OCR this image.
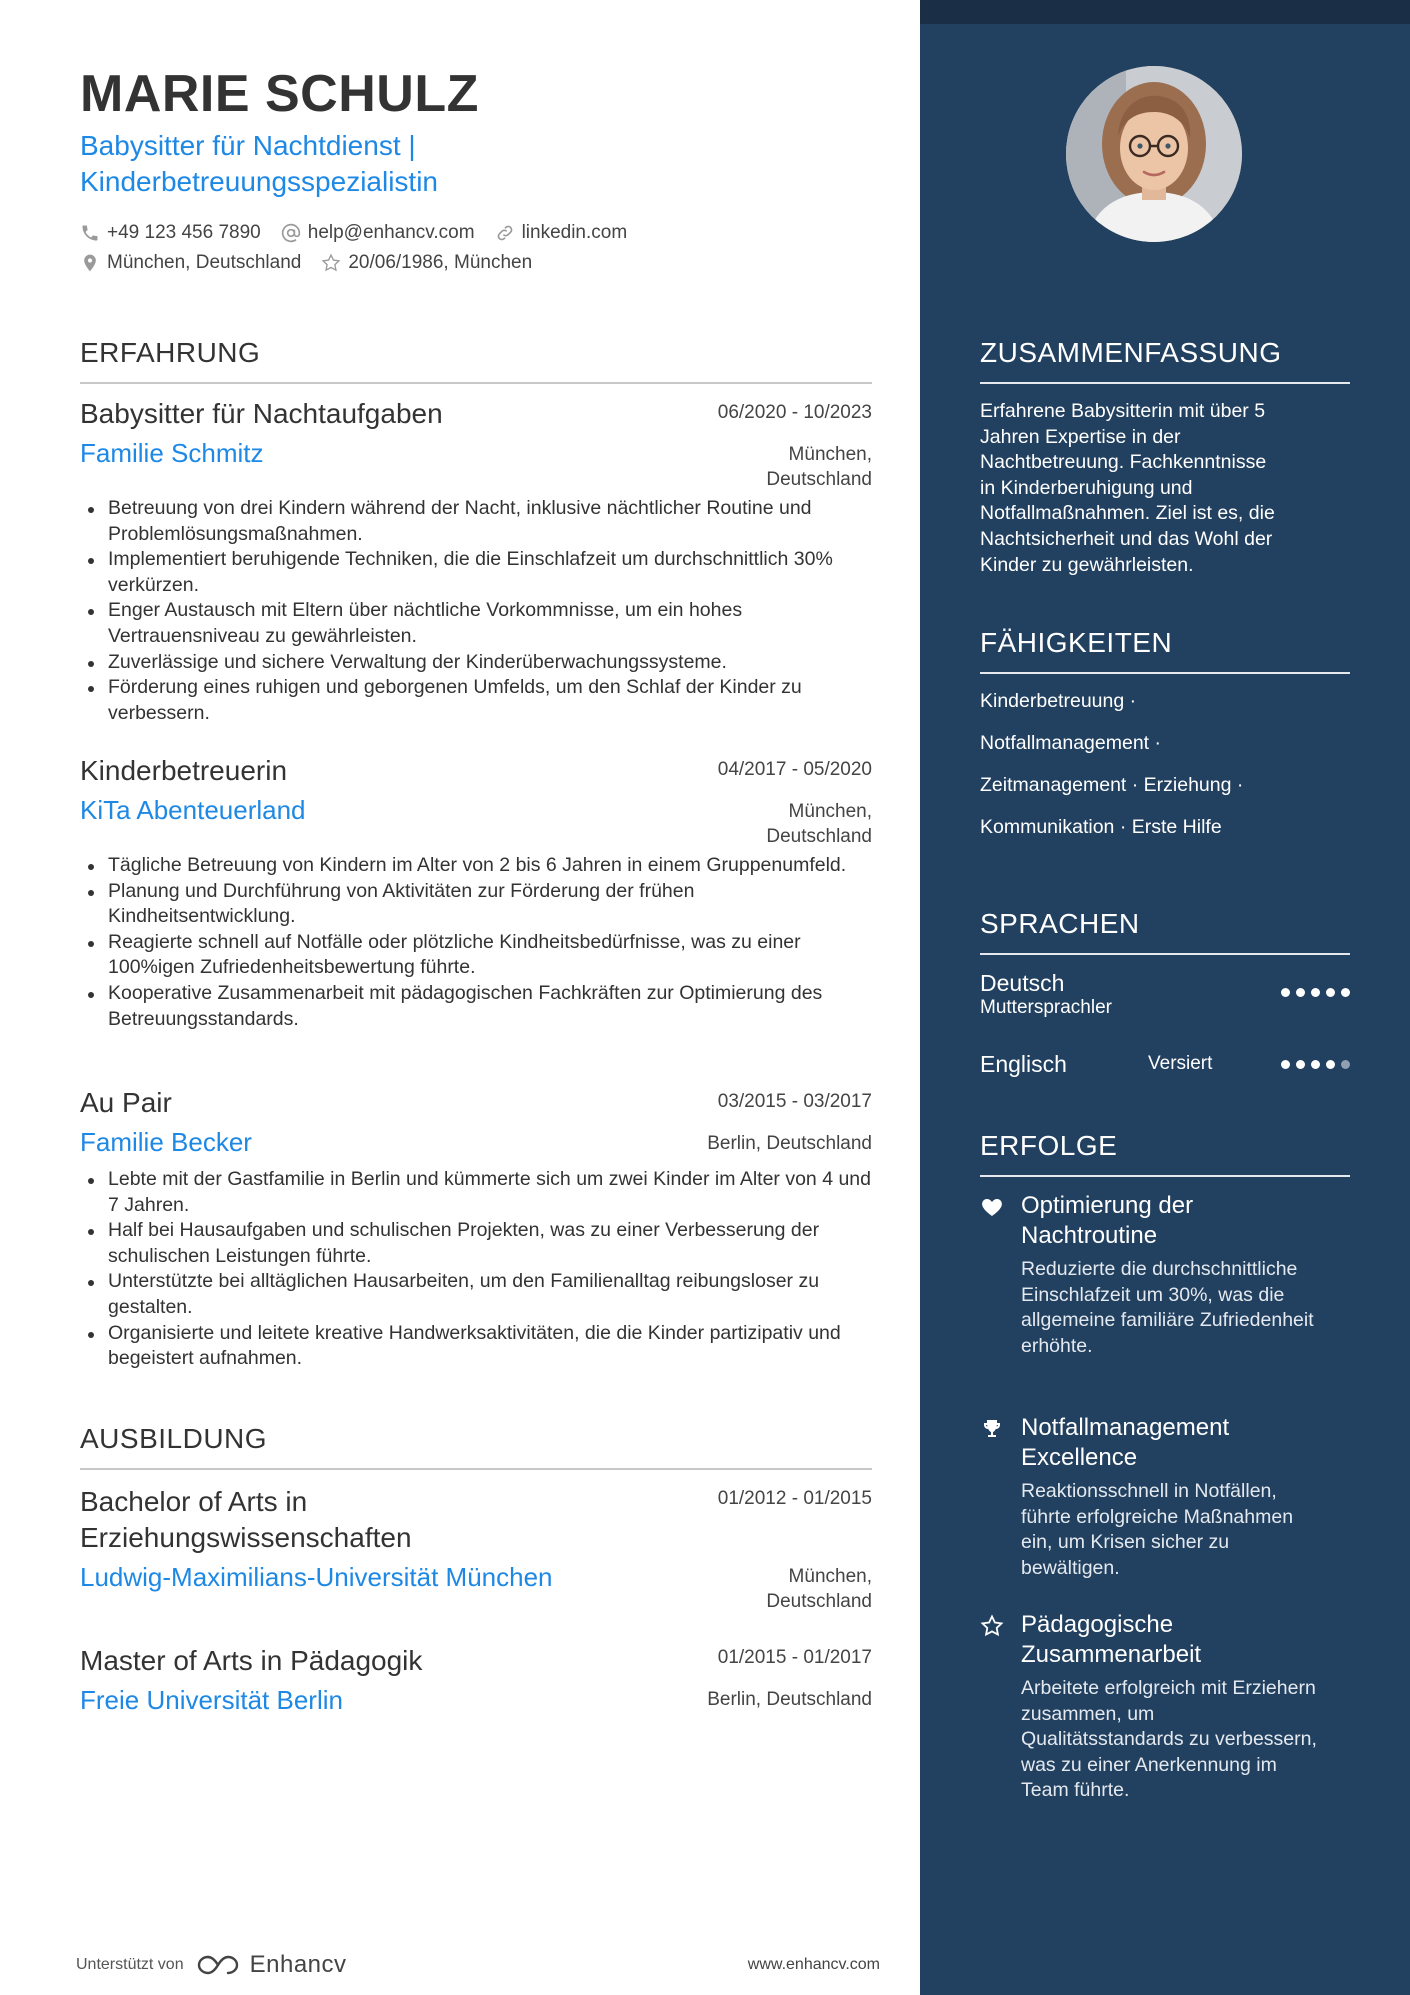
MARIE SCHULZ
Babysitter für Nachtdienst |
Kinderbetreuungsspezialistin
+49 123 456 7890 help@enhancv.com linkedin.com
München, Deutschland 20/06/1986, München
ERFAHRUNG
Babysitter für Nachtaufgaben	06/2020 - 10/2023
Familie Schmitz	München,
Deutschland
Betreuung von drei Kindern während der Nacht, inklusive nächtlicher Routine und Problemlösungsmaßnahmen.
Implementiert beruhigende Techniken, die die Einschlafzeit um durchschnittlich 30% verkürzen.
Enger Austausch mit Eltern über nächtliche Vorkommnisse, um ein hohes Vertrauensniveau zu gewährleisten.
Zuverlässige und sichere Verwaltung der Kinderüberwachungssysteme.
Förderung eines ruhigen und geborgenen Umfelds, um den Schlaf der Kinder zu verbessern.
Kinderbetreuerin	04/2017 - 05/2020
KiTa Abenteuerland	München,
Deutschland
Tägliche Betreuung von Kindern im Alter von 2 bis 6 Jahren in einem Gruppenumfeld.
Planung und Durchführung von Aktivitäten zur Förderung der frühen Kindheitsentwicklung.
Reagierte schnell auf Notfälle oder plötzliche Kindheitsbedürfnisse, was zu einer 100%igen Zufriedenheitsbewertung führte.
Kooperative Zusammenarbeit mit pädagogischen Fachkräften zur Optimierung des Betreuungsstandards.
Au Pair	03/2015 - 03/2017
Familie Becker	Berlin, Deutschland
Lebte mit der Gastfamilie in Berlin und kümmerte sich um zwei Kinder im Alter von 4 und 7 Jahren.
Half bei Hausaufgaben und schulischen Projekten, was zu einer Verbesserung der schulischen Leistungen führte.
Unterstützte bei alltäglichen Hausarbeiten, um den Familienalltag reibungsloser zu gestalten.
Organisierte und leitete kreative Handwerksaktivitäten, die die Kinder partizipativ und begeistert aufnahmen.
AUSBILDUNG
Bachelor of Arts in
Erziehungswissenschaften
01/2012 - 01/2015
Ludwig-Maximilians-Universität München	München,
Deutschland
Master of Arts in Pädagogik	01/2015 - 01/2017
Freie Universität Berlin	Berlin, Deutschland
Unterstützt von	Enhancv	www.enhancv.com
ZUSAMMENFASSUNG
Erfahrene Babysitterin mit über 5
Jahren Expertise in der
Nachtbetreuung. Fachkenntnisse
in Kinderberuhigung und
Notfallmaßnahmen. Ziel ist es, die
Nachtsicherheit und das Wohl der
Kinder zu gewährleisten.
FÄHIGKEITEN
Kinderbetreuung ·
Notfallmanagement ·
Zeitmanagement · Erziehung ·
Kommunikation · Erste Hilfe
SPRACHEN
Deutsch
Muttersprachler
Englisch	Versiert
ERFOLGE
Optimierung der
Nachtroutine
Reduzierte die durchschnittliche Einschlafzeit um 30%, was die allgemeine familiäre Zufriedenheit erhöhte.
Notfallmanagement
Excellence
Reaktionsschnell in Notfällen, führte erfolgreiche Maßnahmen ein, um Krisen sicher zu bewältigen.
Pädagogische
Zusammenarbeit
Arbeitete erfolgreich mit Erziehern zusammen, um Qualitätsstandards zu verbessern, was zu einer Anerkennung im Team führte.
